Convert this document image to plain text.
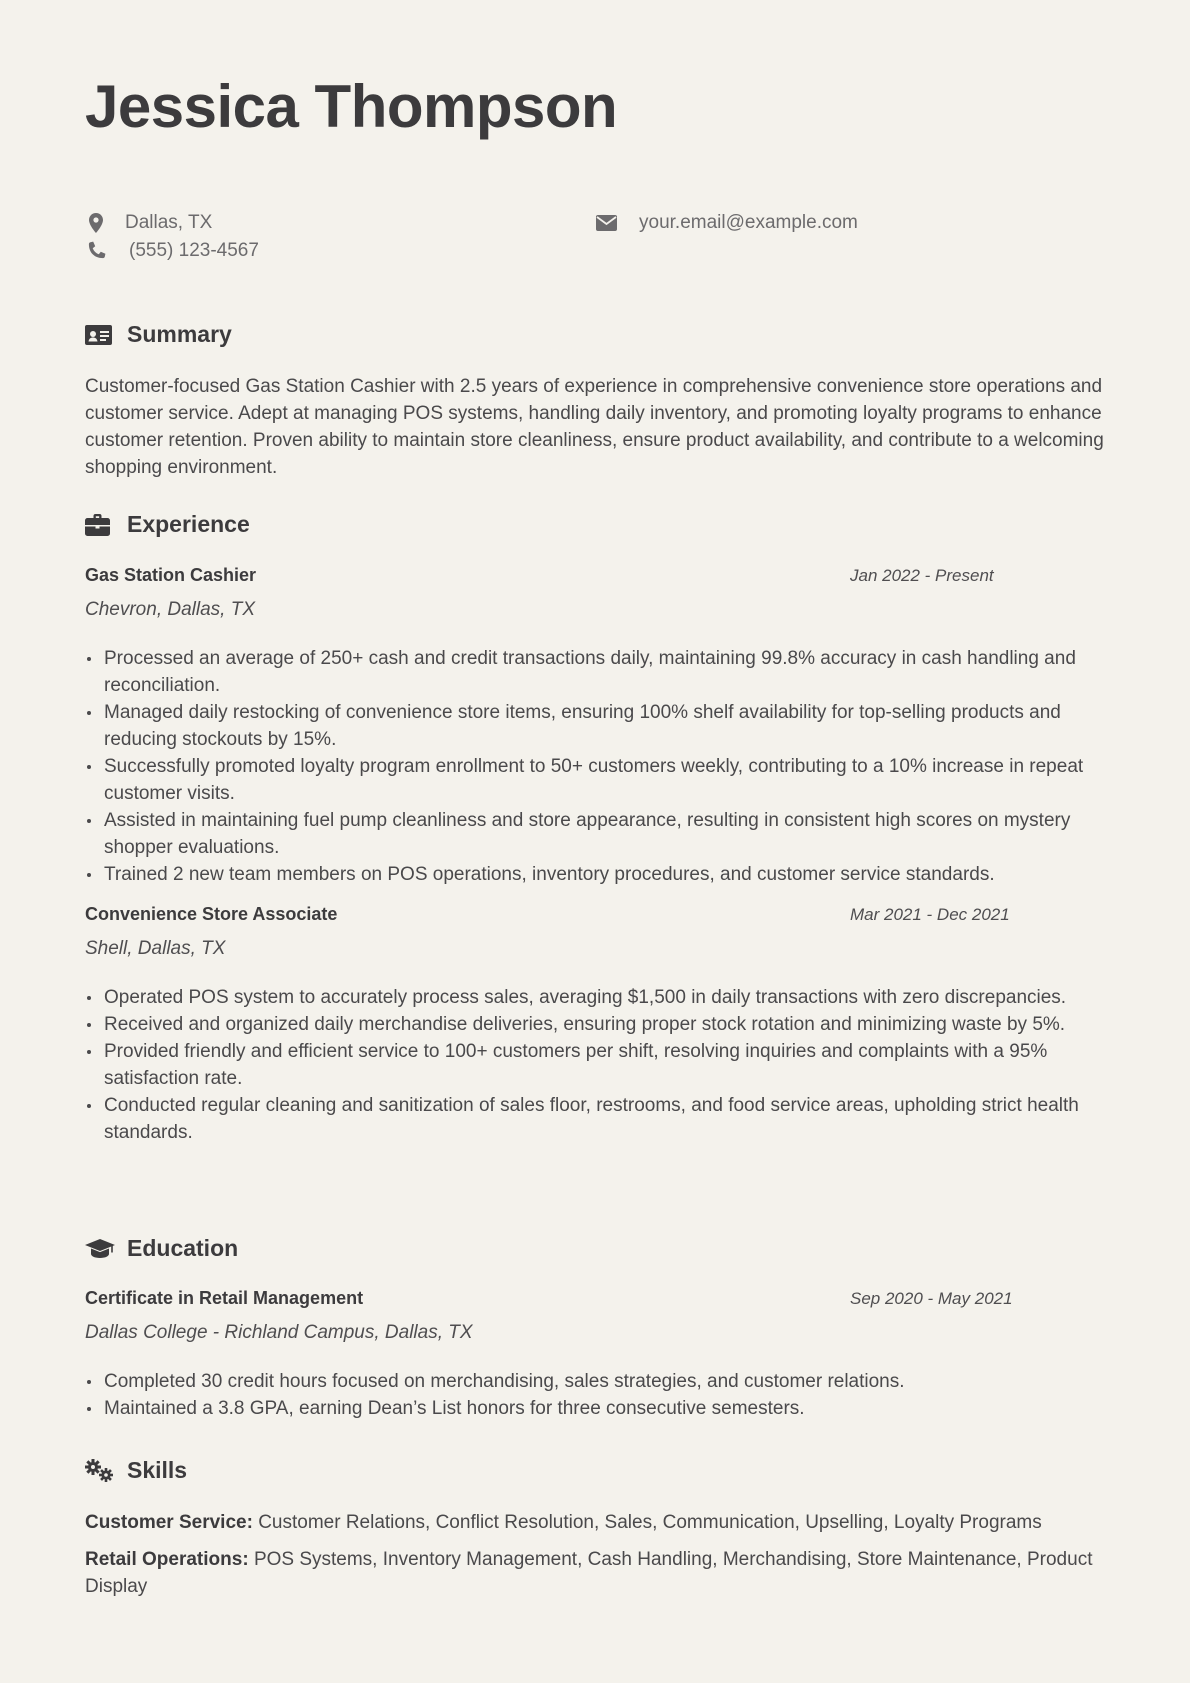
Jessica Thompson
Dallas, TX
(555) 123-4567
your.email@example.com
Summary

Customer-focused Gas Station Cashier with 2.5 years of experience in comprehensive convenience store operations and customer service. Adept at managing POS systems, handling daily inventory, and promoting loyalty programs to enhance customer retention. Proven ability to maintain store cleanliness, ensure product availability, and contribute to a welcoming shopping environment.

Experience
Gas Station Cashier	Jan 2022 - Present
Chevron, Dallas, TX
Processed an average of 250+ cash and credit transactions daily, maintaining 99.8% accuracy in cash handling and reconciliation.
Managed daily restocking of convenience store items, ensuring 100% shelf availability for top-selling products and reducing stockouts by 15%.
Successfully promoted loyalty program enrollment to 50+ customers weekly, contributing to a 10% increase in repeat customer visits.
Assisted in maintaining fuel pump cleanliness and store appearance, resulting in consistent high scores on mystery shopper evaluations.
Trained 2 new team members on POS operations, inventory procedures, and customer service standards.
Convenience Store Associate	Mar 2021 - Dec 2021
Shell, Dallas, TX
Operated POS system to accurately process sales, averaging $1,500 in daily transactions with zero discrepancies.
Received and organized daily merchandise deliveries, ensuring proper stock rotation and minimizing waste by 5%.
Provided friendly and efficient service to 100+ customers per shift, resolving inquiries and complaints with a 95% satisfaction rate.
Conducted regular cleaning and sanitization of sales floor, restrooms, and food service areas, upholding strict health standards.
Education
Certificate in Retail Management	Sep 2020 - May 2021
Dallas College - Richland Campus, Dallas, TX
Completed 30 credit hours focused on merchandising, sales strategies, and customer relations.
Maintained a 3.8 GPA, earning Dean’s List honors for three consecutive semesters.
Skills

Customer Service: Customer Relations, Conflict Resolution, Sales, Communication, Upselling, Loyalty Programs

Retail Operations: POS Systems, Inventory Management, Cash Handling, Merchandising, Store Maintenance, Product Display
